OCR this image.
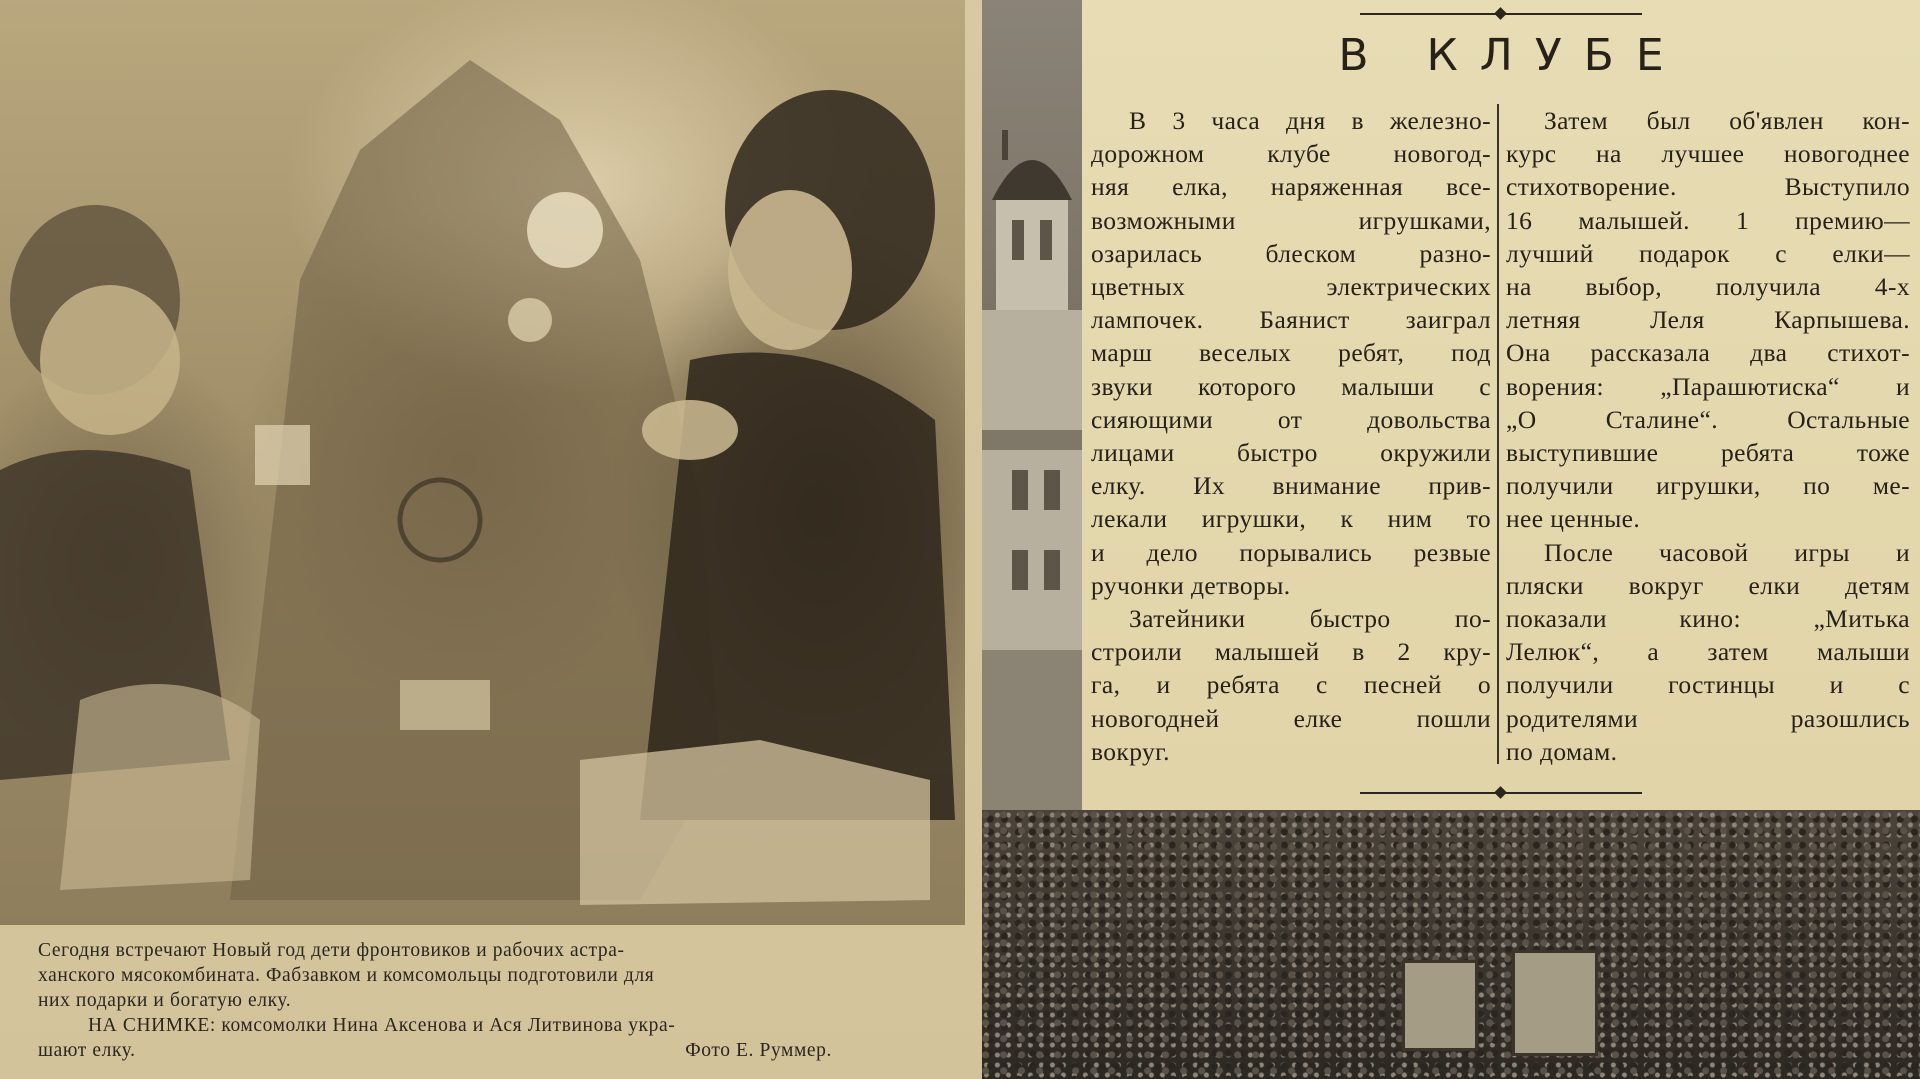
Сегодня встречают Новый год дети фронтовиков и рабочих астра-
ханского мясокомбината. Фабзавком и комсомольцы подготовили для
них подарки и богатую елку.
НА СНИМКЕ: комсомолки Нина Аксенова и Ася Литвинова укра-
шают елку.	Фото Е. Руммер.
В КЛУБЕ
В 3 часа дня в железно-
дорожном клубе новогод-
няя елка, наряженная все-
возможными игрушками,
озарилась блеском разно-
цветных электрических
лампочек. Баянист заиграл
марш веселых ребят, под
звуки которого малыши с
сияющими от довольства
лицами быстро окружили
елку. Их внимание прив-
лекали игрушки, к ним то
и дело порывались резвые
ручонки детворы.
Затейники быстро по-
строили малышей в 2 кру-
га, и ребята с песней о
новогодней елке пошли
вокруг.
Затем был об'явлен кон-
курс на лучшее новогоднее
стихотворение. Выступило
16 малышей. 1 премию—
лучший подарок с елки—
на выбор, получила 4-х
летняя Леля Карпышева.
Она рассказала два стихот-
ворения: „Парашютиска“ и
„О Сталине“. Остальные
выступившие ребята тоже
получили игрушки, по ме-
нее ценные.
После часовой игры и
пляски вокруг елки детям
показали кино: „Митька
Лелюк“, а затем малыши
получили гостинцы и с
родителями разошлись
по домам.
